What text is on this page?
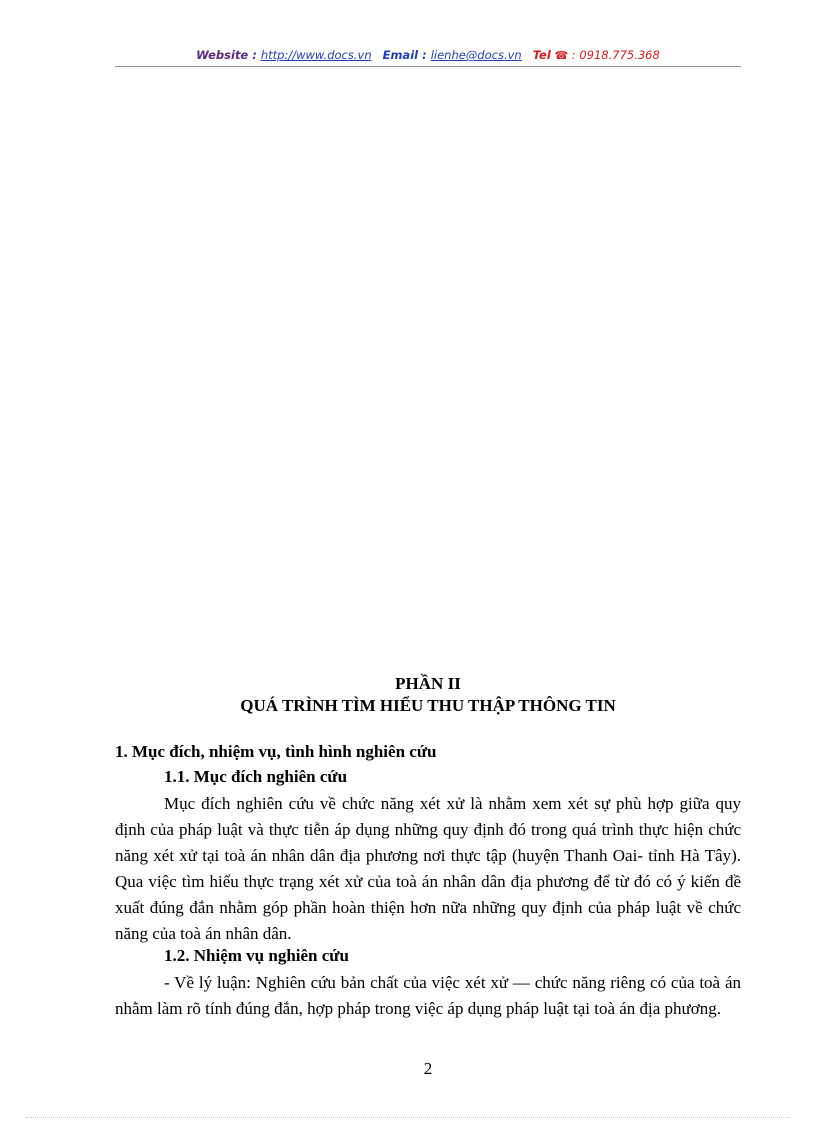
Website : http://www.docs.vn Email : lienhe@docs.vn Tel ☎ : 0918.775.368
PHẦN II
QUÁ TRÌNH TÌM HIỂU THU THẬP THÔNG TIN
1. Mục đích, nhiệm vụ, tình hình nghiên cứu
1.1. Mục đích nghiên cứu

Mục đích nghiên cứu về chức năng xét xử là nhằm xem xét sự phù hợp giữa quy định của pháp luật và thực tiễn áp dụng những quy định đó trong quá trình thực hiện chức năng xét xử tại toà án nhân dân địa phương nơi thực tập (huyện Thanh Oai- tỉnh Hà Tây). Qua việc tìm hiểu thực trạng xét xử của toà án nhân dân địa phương để từ đó có ý kiến đề xuất đúng đắn nhằm góp phần hoàn thiện hơn nữa những quy định của pháp luật về chức năng của toà án nhân dân.

1.2. Nhiệm vụ nghiên cứu

- Về lý luận: Nghiên cứu bản chất của việc xét xử — chức năng riêng có của toà án nhằm làm rõ tính đúng đắn, hợp pháp trong việc áp dụng pháp luật tại toà án địa phương.

2
